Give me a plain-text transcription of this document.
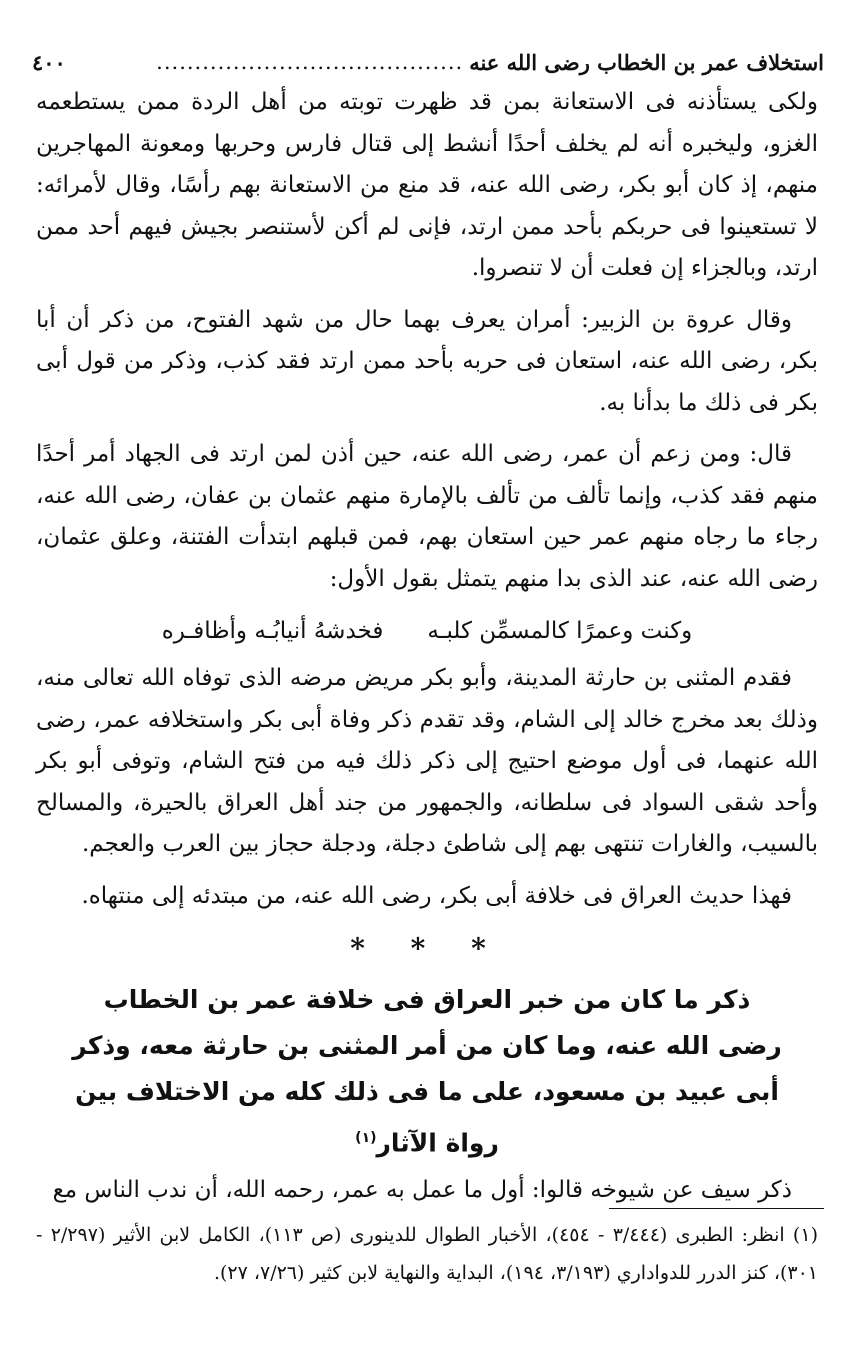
استخلاف عمر بن الخطاب رضى الله عنه
........................................
٤٠٠

ولكى يستأذنه فى الاستعانة بمن قد ظهرت توبته من أهل الردة ممن يستطعمه الغزو، وليخبره أنه لم يخلف أحدًا أنشط إلى قتال فارس وحربها ومعونة المهاجرين منهم، إذ كان أبو بكر، رضى الله عنه، قد منع من الاستعانة بهم رأسًا، وقال لأمرائه: لا تستعينوا فى حربكم بأحد ممن ارتد، فإنى لم أكن لأستنصر بجيش فيهم أحد ممن ارتد، وبالجزاء إن فعلت أن لا تنصروا.

وقال عروة بن الزبير: أمران يعرف بهما حال من شهد الفتوح، من ذكر أن أبا بكر، رضى الله عنه، استعان فى حربه بأحد ممن ارتد فقد كذب، وذكر من قول أبى بكر فى ذلك ما بدأنا به.

قال: ومن زعم أن عمر، رضى الله عنه، حين أذن لمن ارتد فى الجهاد أمر أحدًا منهم فقد كذب، وإنما تألف من تألف بالإمارة منهم عثمان بن عفان، رضى الله عنه، رجاء ما رجاه منهم عمر حين استعان بهم، فمن قبلهم ابتدأت الفتنة، وعلق عثمان، رضى الله عنه، عند الذى بدا منهم يتمثل بقول الأول:

وكنت وعمرًا كالمسمِّن كلبـه
فخدشهُ أنيابُـه وأظافـره

فقدم المثنى بن حارثة المدينة، وأبو بكر مريض مرضه الذى توفاه الله تعالى منه، وذلك بعد مخرج خالد إلى الشام، وقد تقدم ذكر وفاة أبى بكر واستخلافه عمر، رضى الله عنهما، فى أول موضع احتيج إلى ذكر ذلك فيه من فتح الشام، وتوفى أبو بكر وأحد شقى السواد فى سلطانه، والجمهور من جند أهل العراق بالحيرة، والمسالح بالسيب، والغارات تنتهى بهم إلى شاطئ دجلة، ودجلة حجاز بين العرب والعجم.

فهذا حديث العراق فى خلافة أبى بكر، رضى الله عنه، من مبتدئه إلى منتهاه.

* * *
ذكر ما كان من خبر العراق فى خلافة عمر بن الخطاب
رضى الله عنه، وما كان من أمر المثنى بن حارثة معه، وذكر
أبى عبيد بن مسعود، على ما فى ذلك كله من الاختلاف بين
رواة الآثار$^{(١)}$

ذكر سيف عن شيوخه قالوا: أول ما عمل به عمر، رحمه الله، أن ندب الناس مع

(١) انظر: الطبرى (٣/٤٤٤ - ٤٥٤)، الأخبار الطوال للدينورى (ص ١١٣)، الكامل لابن الأثير (٢/٢٩٧ - ٣٠١)، كنز الدرر للدواداري (٣/١٩٣، ١٩٤)، البداية والنهاية لابن كثير (٧/٢٦، ٢٧).
